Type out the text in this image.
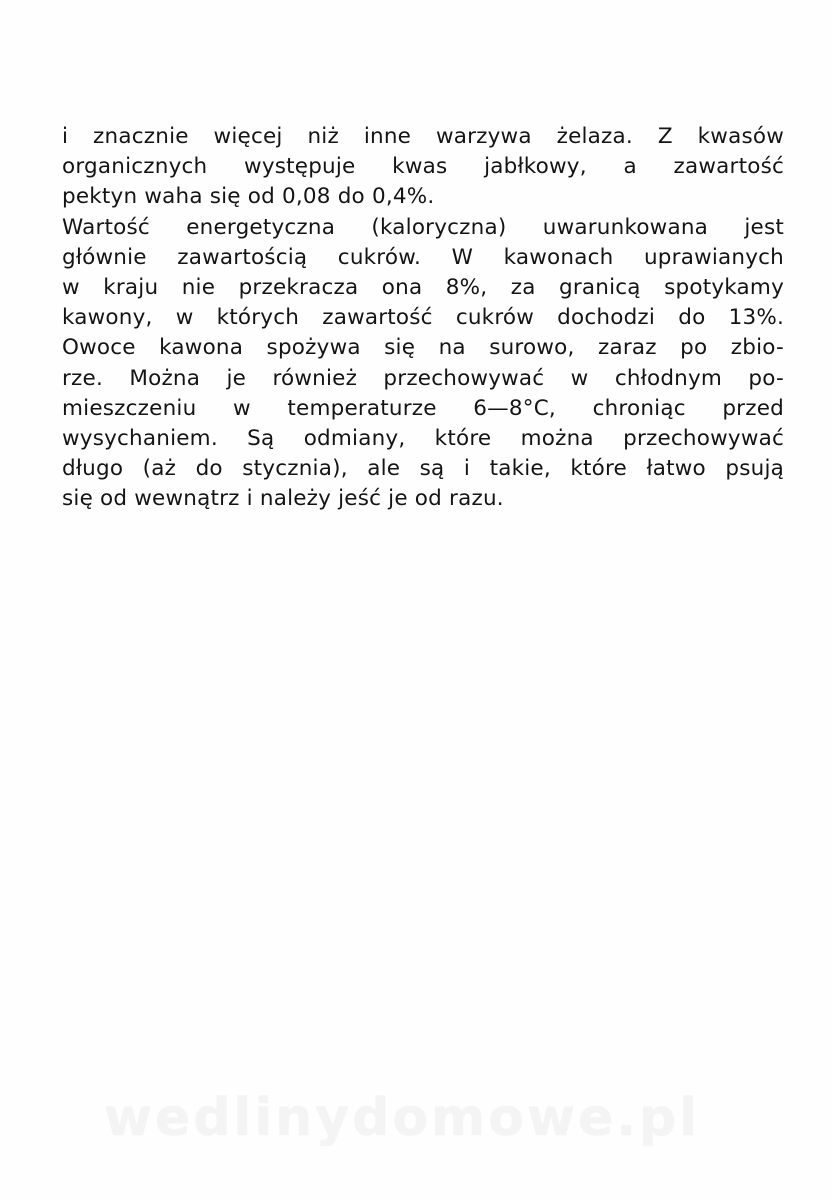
i znacznie więcej niż inne warzywa żelaza. Z kwasów
organicznych występuje kwas jabłkowy, a zawartość
pektyn waha się od 0,08 do 0,4%.
Wartość energetyczna (kaloryczna) uwarunkowana jest
głównie zawartością cukrów. W kawonach uprawianych
w kraju nie przekracza ona 8%, za granicą spotykamy
kawony, w których zawartość cukrów dochodzi do 13%.
Owoce kawona spożywa się na surowo, zaraz po zbio-
rze. Można je również przechowywać w chłodnym po-
mieszczeniu w temperaturze 6—8°C, chroniąc przed
wysychaniem. Są odmiany, które można przechowywać
długo (aż do stycznia), ale są i takie, które łatwo psują
się od wewnątrz i należy jeść je od razu.
wedlinydomowe.pl
